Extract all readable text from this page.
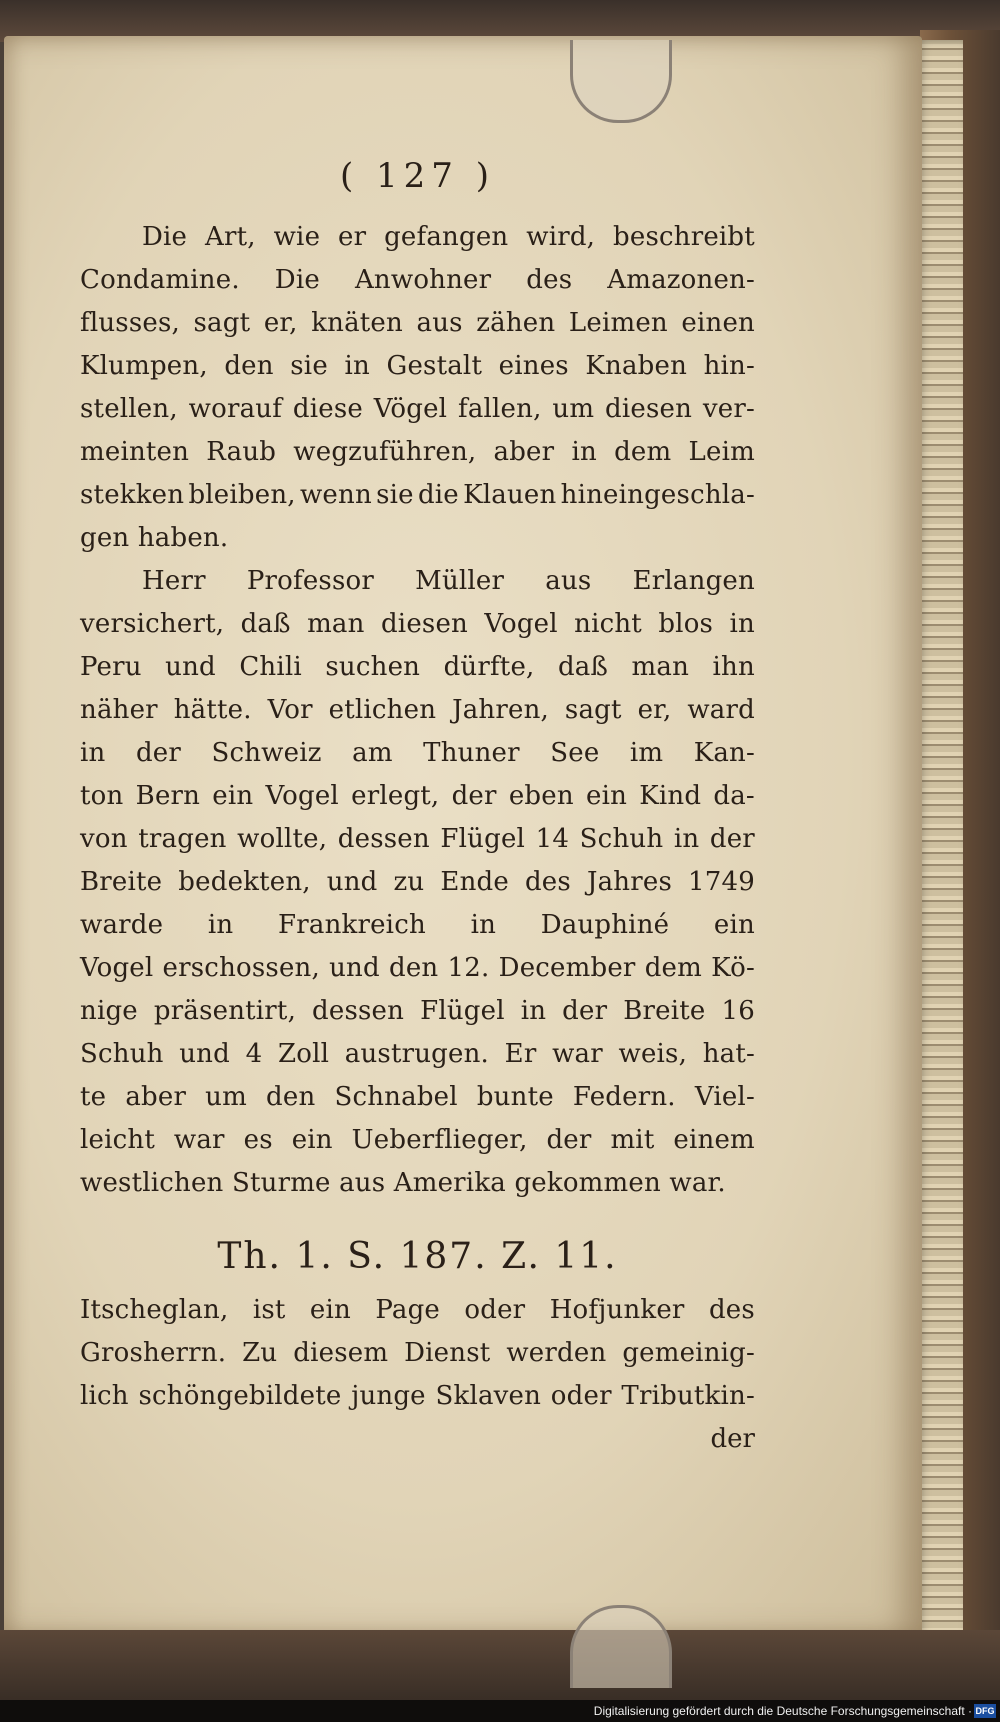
( 127 )
Die Art, wie er gefangen wird, beschreibt
Condamine. Die Anwohner des Amazonen-
flusses, sagt er, knäten aus zähen Leimen einen
Klumpen, den sie in Gestalt eines Knaben hin-
stellen, worauf diese Vögel fallen, um diesen ver-
meinten Raub wegzuführen, aber in dem Leim
stekken bleiben, wenn sie die Klauen hineingeschla-
gen haben.
Herr Professor Müller aus Erlangen
versichert, daß man diesen Vogel nicht blos in
Peru und Chili suchen dürfte, daß man ihn
näher hätte. Vor etlichen Jahren, sagt er, ward
in der Schweiz am Thuner See im Kan-
ton Bern ein Vogel erlegt, der eben ein Kind da-
von tragen wollte, dessen Flügel 14 Schuh in der
Breite bedekten, und zu Ende des Jahres 1749
warde in Frankreich in Dauphiné ein
Vogel erschossen, und den 12. December dem Kö-
nige präsentirt, dessen Flügel in der Breite 16
Schuh und 4 Zoll austrugen. Er war weis, hat-
te aber um den Schnabel bunte Federn. Viel-
leicht war es ein Ueberflieger, der mit einem
westlichen Sturme aus Amerika gekommen war.
Th. 1. S. 187. Z. 11.
Itscheglan, ist ein Page oder Hofjunker des
Grosherrn. Zu diesem Dienst werden gemeinig-
lich schöngebildete junge Sklaven oder Tributkin-
der
Digitalisierung gefördert durch die Deutsche Forschungsgemeinschaft · DFG
